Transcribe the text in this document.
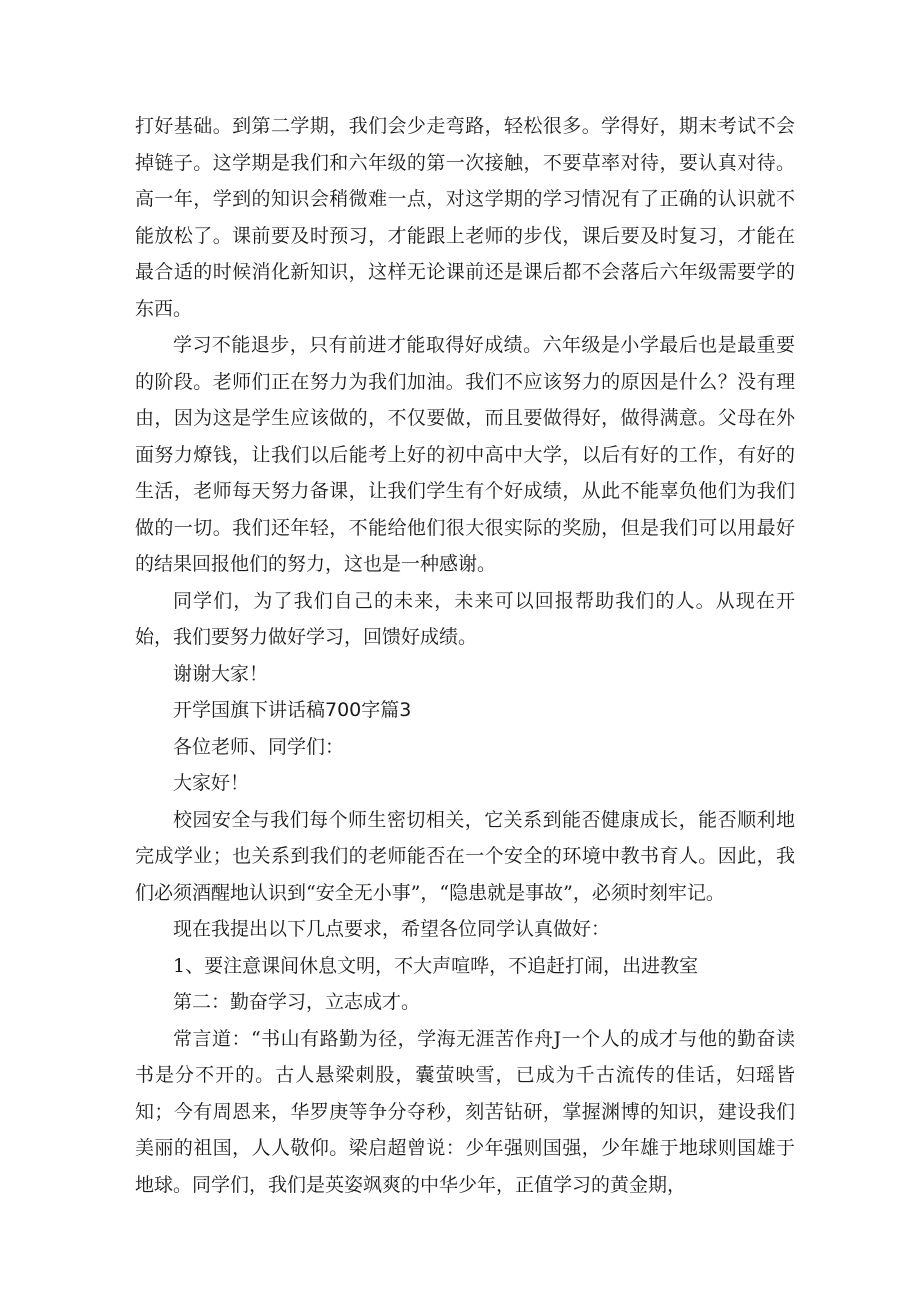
打好基础。到第二学期，我们会少走弯路，轻松很多。学得好，期末考试不会掉链子。这学期是我们和六年级的第一次接触，不要草率对待，要认真对待。高一年，学到的知识会稍微难一点，对这学期的学习情况有了正确的认识就不能放松了。课前要及时预习，才能跟上老师的步伐，课后要及时复习，才能在最合适的时候消化新知识，这样无论课前还是课后都不会落后六年级需要学的东西。

学习不能退步，只有前进才能取得好成绩。六年级是小学最后也是最重要的阶段。老师们正在努力为我们加油。我们不应该努力的原因是什么？没有理由，因为这是学生应该做的，不仅要做，而且要做得好，做得满意。父母在外面努力燎钱，让我们以后能考上好的初中高中大学，以后有好的工作，有好的生活，老师每天努力备课，让我们学生有个好成绩，从此不能辜负他们为我们做的一切。我们还年轻，不能给他们很大很实际的奖励，但是我们可以用最好的结果回报他们的努力，这也是一种感谢。

同学们，为了我们自己的未来，未来可以回报帮助我们的人。从现在开始，我们要努力做好学习，回馈好成绩。

谢谢大家！

开学国旗下讲话稿700字篇3

各位老师、同学们：

大家好！

校园安全与我们每个师生密切相关，它关系到能否健康成长，能否顺利地完成学业；也关系到我们的老师能否在一个安全的环境中教书育人。因此，我们必须酒醒地认识到“安全无小事”，“隐患就是事故”，必须时刻牢记。

现在我提出以下几点要求，希望各位同学认真做好：

1、要注意课间休息文明，不大声喧哗，不追赶打闹，出进教室

第二：勤奋学习，立志成才。

常言道：“书山有路勤为径，学海无涯苦作舟J一个人的成才与他的勤奋读书是分不开的。古人悬梁刺股，囊萤映雪，已成为千古流传的佳话，妇瑶皆知；今有周恩来，华罗庚等争分夺秒，刻苦钻研，掌握渊博的知识，建设我们美丽的祖国，人人敬仰。梁启超曾说：少年强则国强，少年雄于地球则国雄于地球。同学们，我们是英姿飒爽的中华少年，正值学习的黄金期，
